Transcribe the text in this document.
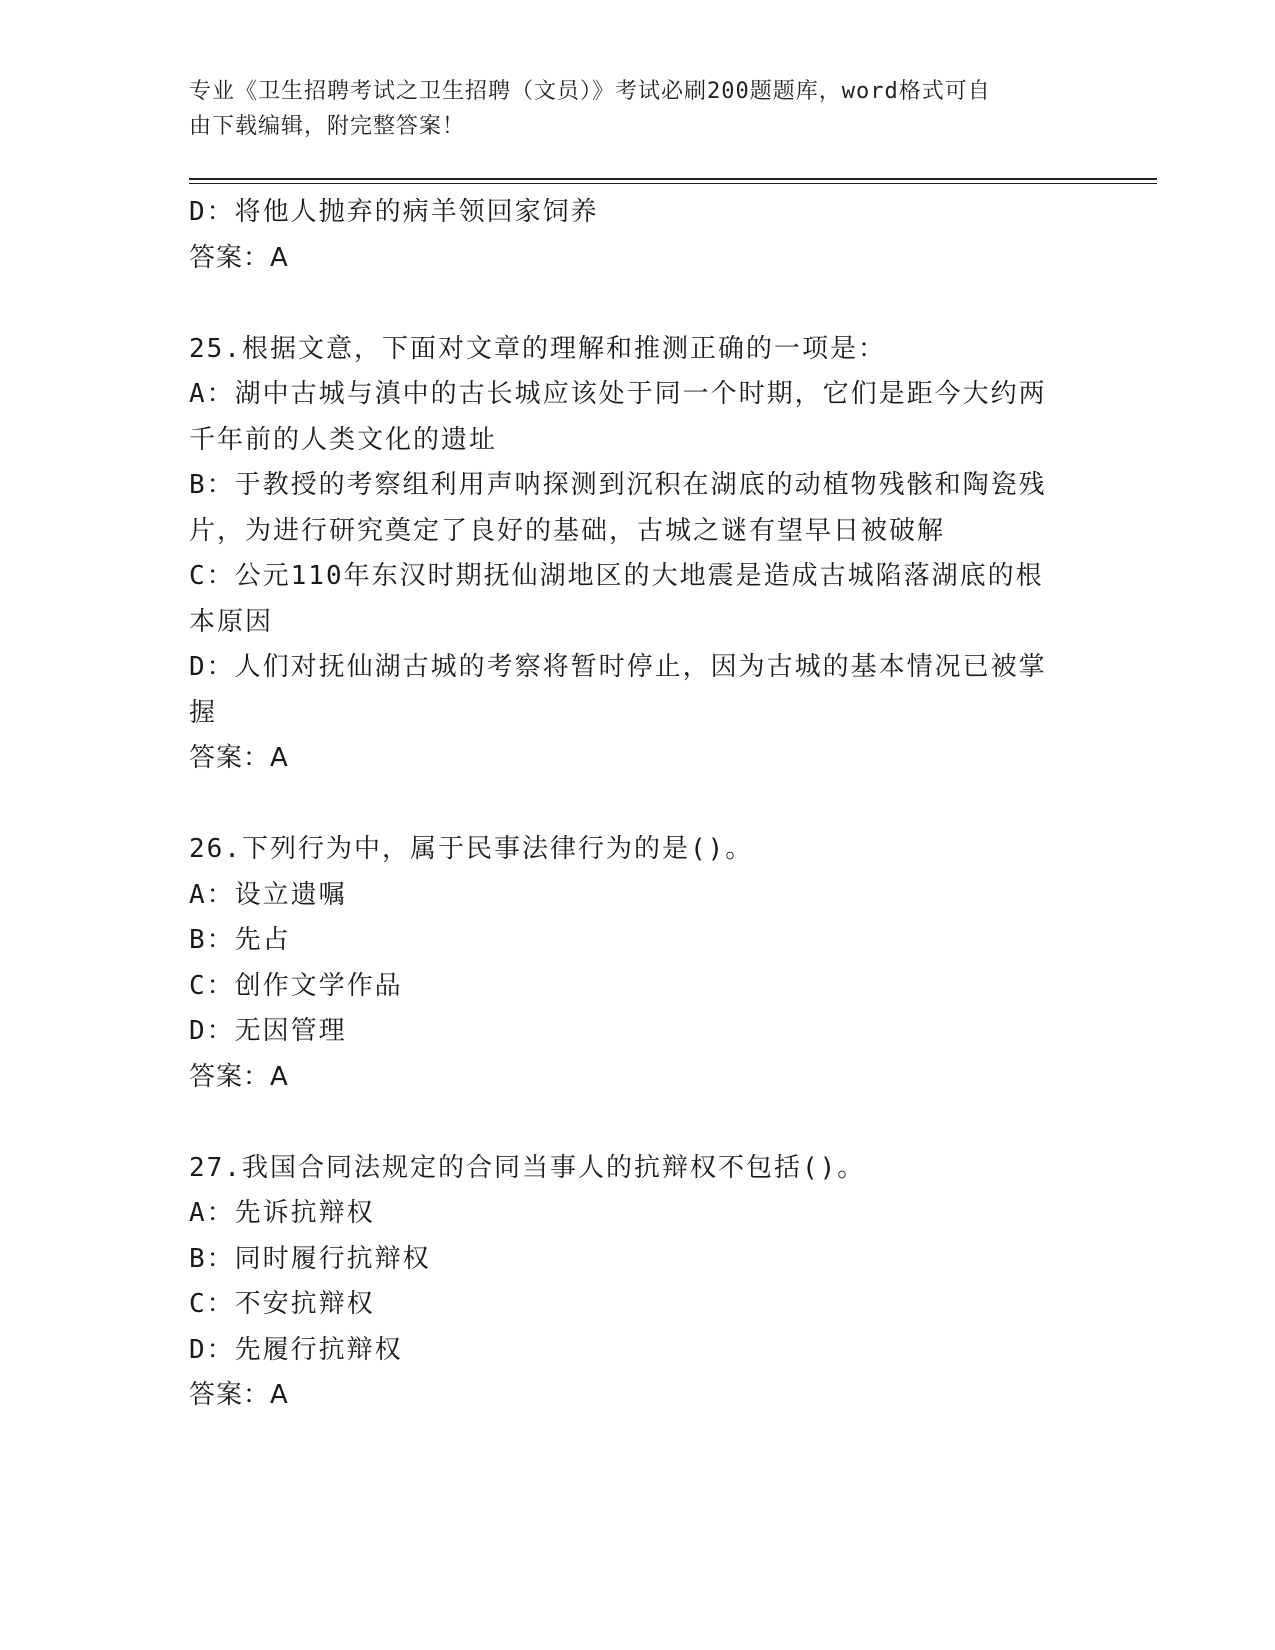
专业《卫生招聘考试之卫生招聘（文员）》考试必刷200题题库，word格式可自
由下载编辑，附完整答案！
D：将他人抛弃的病羊领回家饲养
答案：A
25.根据文意，下面对文章的理解和推测正确的一项是：
A：湖中古城与滇中的古长城应该处于同一个时期，它们是距今大约两
千年前的人类文化的遗址
B：于教授的考察组利用声呐探测到沉积在湖底的动植物残骸和陶瓷残
片，为进行研究奠定了良好的基础，古城之谜有望早日被破解
C：公元110年东汉时期抚仙湖地区的大地震是造成古城陷落湖底的根
本原因
D：人们对抚仙湖古城的考察将暂时停止，因为古城的基本情况已被掌
握
答案：A
26.下列行为中，属于民事法律行为的是()。
A：设立遗嘱
B：先占
C：创作文学作品
D：无因管理
答案：A
27.我国合同法规定的合同当事人的抗辩权不包括()。
A：先诉抗辩权
B：同时履行抗辩权
C：不安抗辩权
D：先履行抗辩权
答案：A
